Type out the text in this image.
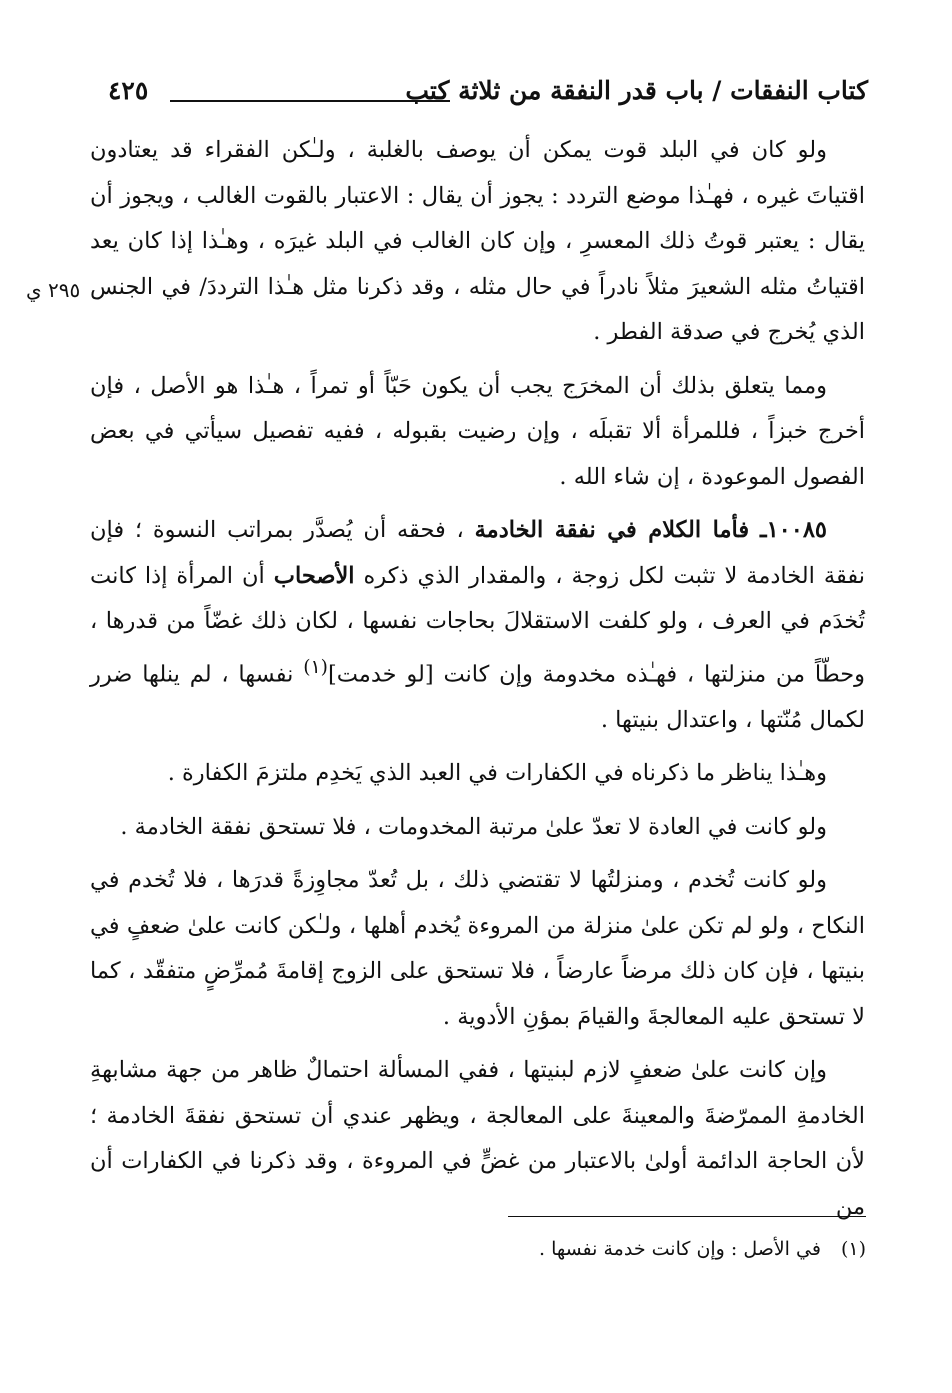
كتاب النفقات / باب قدر النفقة من ثلاثة كتب
٤٢٥
٢٩٥ ي

ولو كان في البلد قوت يمكن أن يوصف بالغلبة ، ولـٰكن الفقراء قد يعتادون اقتياتَ غيره ، فهـٰذا موضع التردد : يجوز أن يقال : الاعتبار بالقوت الغالب ، ويجوز أن يقال : يعتبر قوتُ ذلك المعسرِ ، وإن كان الغالب في البلد غيرَه ، وهـٰذا إذا كان يعد اقتياتُ مثله الشعيرَ مثلاً نادراً في حال مثله ، وقد ذكرنا مثل هـٰذا الترددَ/ في الجنس الذي يُخرج في صدقة الفطر .

ومما يتعلق بذلك أن المخرَج يجب أن يكون حَبّاً أو تمراً ، هـٰذا هو الأصل ، فإن أخرج خبزاً ، فللمرأة ألا تقبلَه ، وإن رضيت بقبوله ، ففيه تفصيل سيأتي في بعض الفصول الموعودة ، إن شاء الله .

١٠٠٨٥ـ فأما الكلام في نفقة الخادمة ، فحقه أن يُصدَّر بمراتب النسوة ؛ فإن نفقة الخادمة لا تثبت لكل زوجة ، والمقدار الذي ذكره الأصحاب أن المرأة إذا كانت تُخدَم في العرف ، ولو كلفت الاستقلالَ بحاجات نفسها ، لكان ذلك غضّاً من قدرها ، وحطّاً من منزلتها ، فهـٰذه مخدومة وإن كانت [لو خدمت]$^{(١)}$ نفسها ، لم ينلها ضرر لكمال مُنّتها ، واعتدال بنيتها .

وهـٰذا يناظر ما ذكرناه في الكفارات في العبد الذي يَخدِم ملتزمَ الكفارة .

ولو كانت في العادة لا تعدّ علىٰ مرتبة المخدومات ، فلا تستحق نفقة الخادمة .

ولو كانت تُخدم ، ومنزلتُها لا تقتضي ذلك ، بل تُعدّ مجاوِزةً قدرَها ، فلا تُخدم في النكاح ، ولو لم تكن علىٰ منزلة من المروءة يُخدم أهلها ، ولـٰكن كانت علىٰ ضعفٍ في بنيتها ، فإن كان ذلك مرضاً عارضاً ، فلا تستحق على الزوج إقامةَ مُمرِّضٍ متفقّد ، كما لا تستحق عليه المعالجةَ والقيامَ بمؤنِ الأدوية .

وإن كانت علىٰ ضعفٍ لازم لبنيتها ، ففي المسألة احتمالٌ ظاهر من جهة مشابهةِ الخادمةِ الممرّضةَ والمعينةَ على المعالجة ، ويظهر عندي أن تستحق نفقةَ الخادمة ؛ لأن الحاجة الدائمة أولىٰ بالاعتبار من غضٍّ في المروءة ، وقد ذكرنا في الكفارات أن من

(١)في الأصل : وإن كانت خدمة نفسها .
